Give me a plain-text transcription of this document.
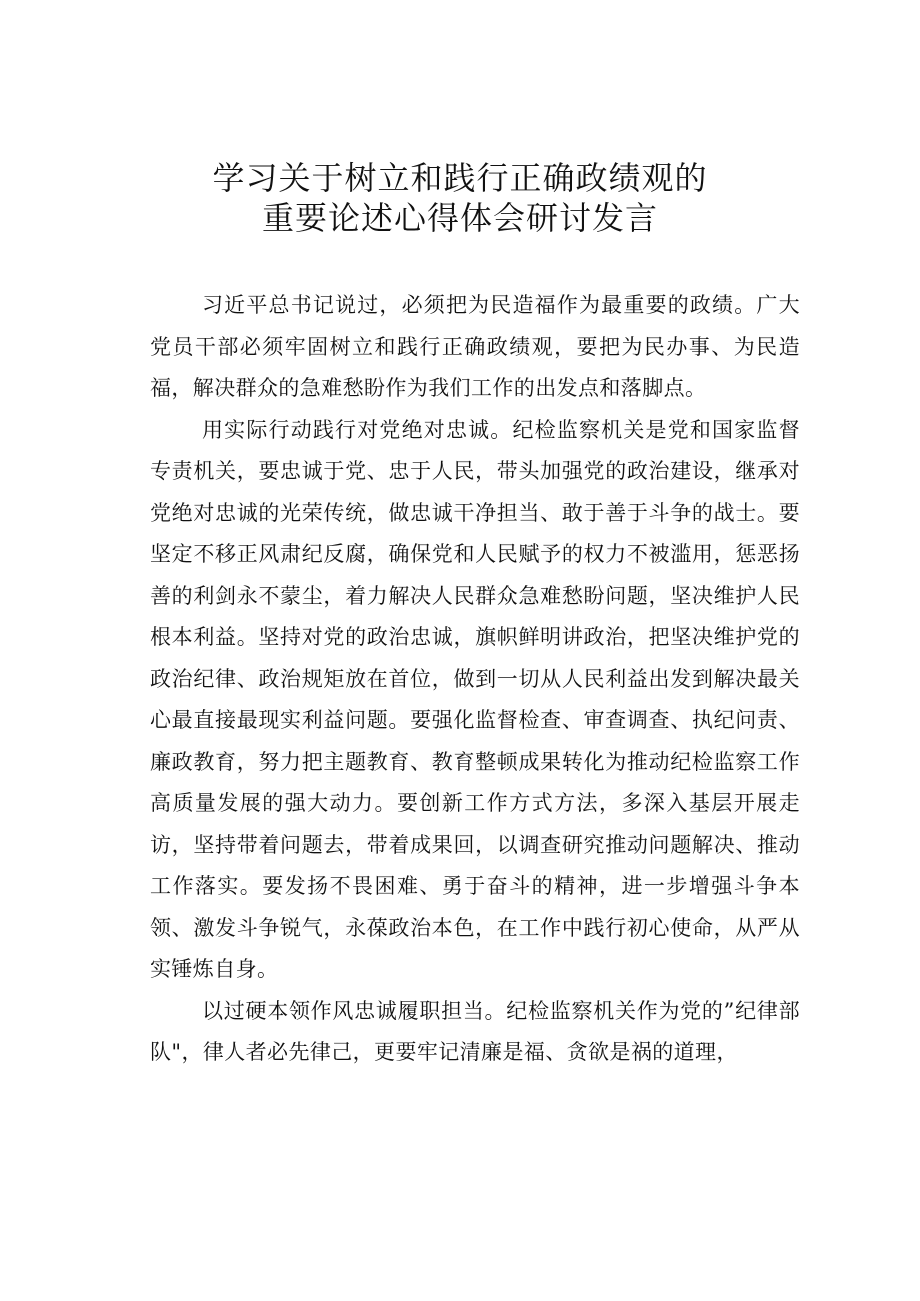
学习关于树立和践行正确政绩观的
重要论述心得体会研讨发言

习近平总书记说过，必须把为民造福作为最重要的政绩。广大党员干部必须牢固树立和践行正确政绩观，要把为民办事、为民造福，解决群众的急难愁盼作为我们工作的出发点和落脚点。

用实际行动践行对党绝对忠诚。纪检监察机关是党和国家监督专责机关，要忠诚于党、忠于人民，带头加强党的政治建设，继承对党绝对忠诚的光荣传统，做忠诚干净担当、敢于善于斗争的战士。要坚定不移正风肃纪反腐，确保党和人民赋予的权力不被滥用，惩恶扬善的利剑永不蒙尘，着力解决人民群众急难愁盼问题，坚决维护人民根本利益。坚持对党的政治忠诚，旗帜鲜明讲政治，把坚决维护党的政治纪律、政治规矩放在首位，做到一切从人民利益出发到解决最关心最直接最现实利益问题。要强化监督检查、审查调查、执纪问责、廉政教育，努力把主题教育、教育整顿成果转化为推动纪检监察工作高质量发展的强大动力。要创新工作方式方法，多深入基层开展走访，坚持带着问题去，带着成果回，以调查研究推动问题解决、推动工作落实。要发扬不畏困难、勇于奋斗的精神，进一步增强斗争本领、激发斗争锐气，永葆政治本色，在工作中践行初心使命，从严从实锤炼自身。

以过硬本领作风忠诚履职担当。纪检监察机关作为党的”纪律部队"，律人者必先律己，更要牢记清廉是福、贪欲是祸的道理，
